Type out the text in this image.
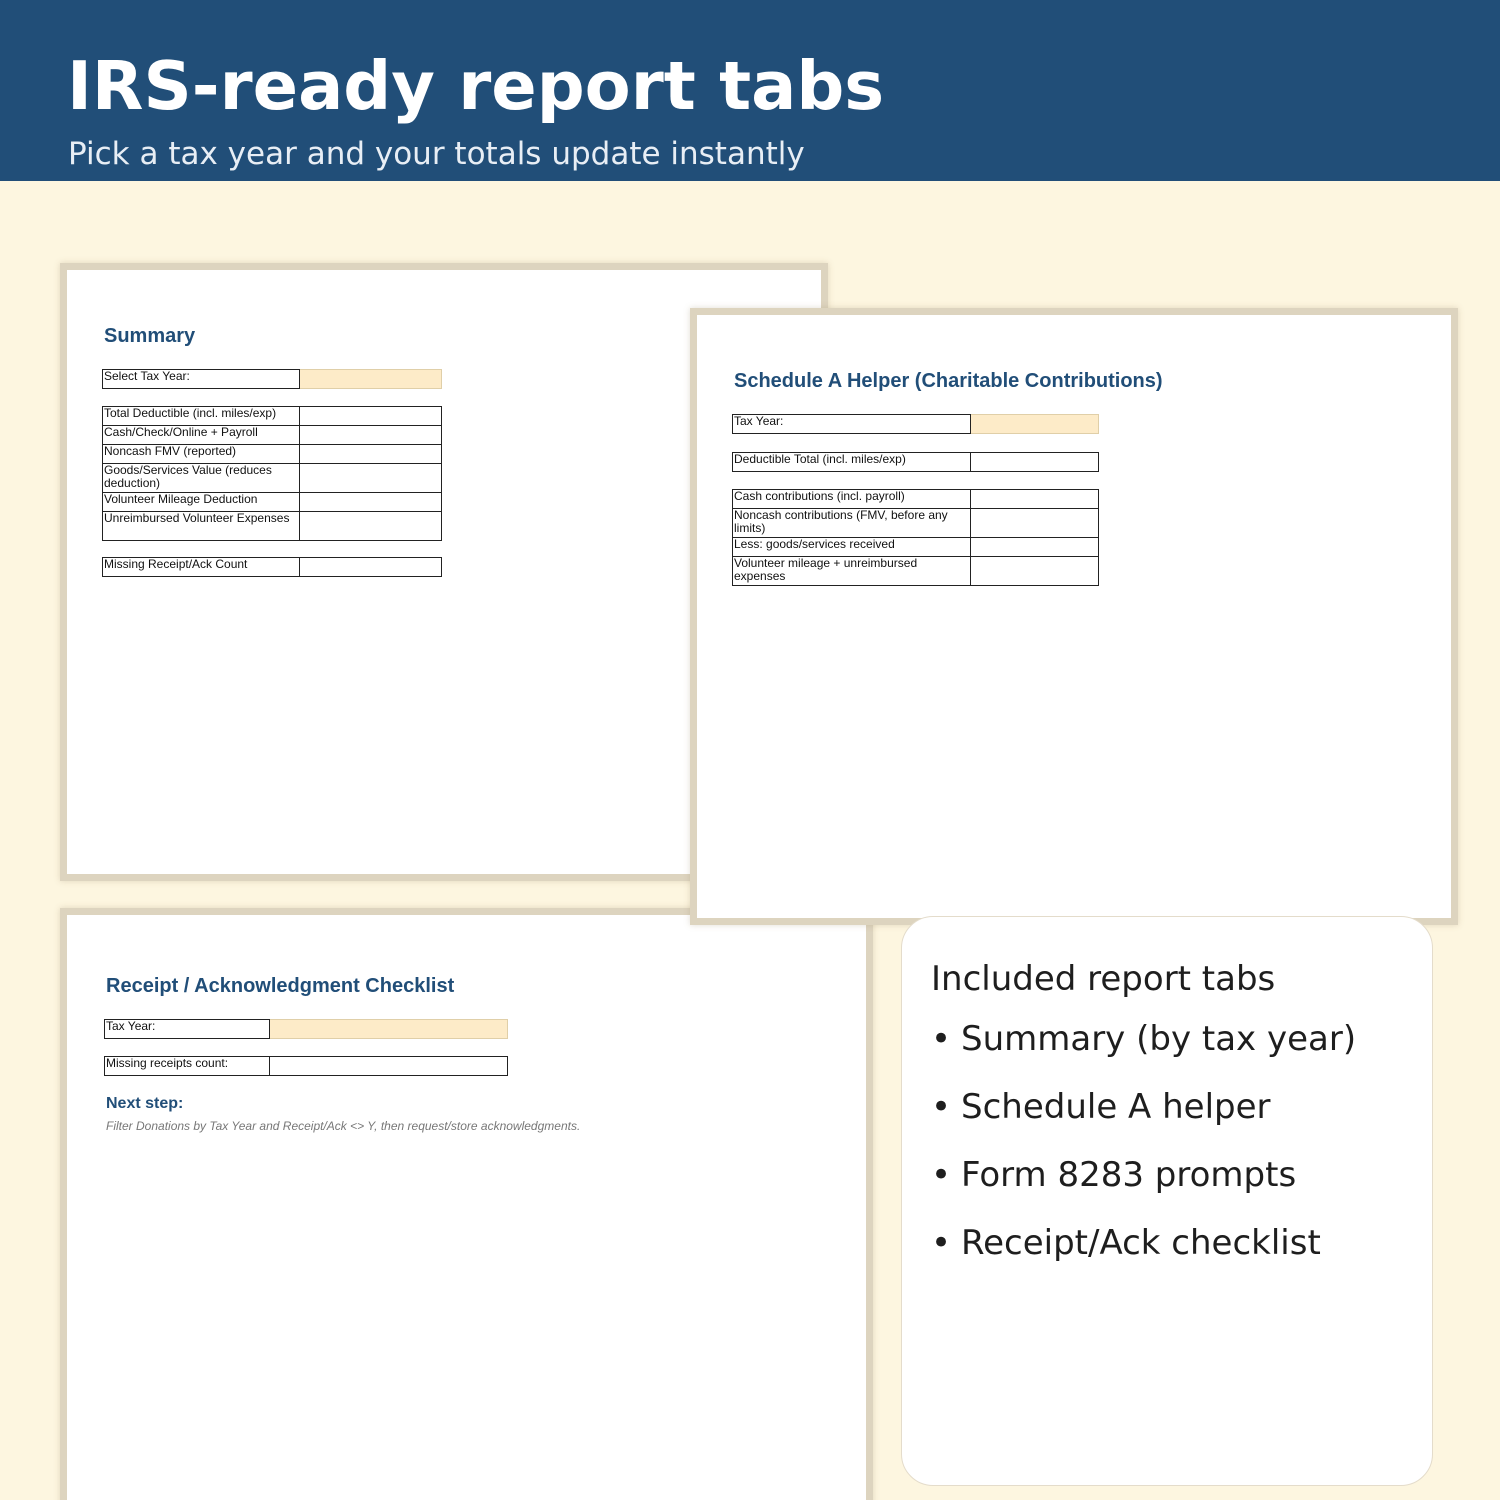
IRS-ready report tabs
Pick a tax year and your totals update instantly
Summary
Select Tax Year:	
Total Deductible (incl. miles/exp)	
Cash/Check/Online + Payroll	
Noncash FMV (reported)	
Goods/Services Value (reduces deduction)	
Volunteer Mileage Deduction	
Unreimbursed Volunteer Expenses	
Missing Receipt/Ack Count	
Schedule A Helper (Charitable Contributions)
Tax Year:	
Deductible Total (incl. miles/exp)	
Cash contributions (incl. payroll)	
Noncash contributions (FMV, before any limits)	
Less: goods/services received	
Volunteer mileage + unreimbursed expenses	
Receipt / Acknowledgment Checklist
Tax Year:	
Missing receipts count:	
Next step:
Filter Donations by Tax Year and Receipt/Ack <> Y, then request/store acknowledgments.
Included report tabs
• Summary (by tax year)
• Schedule A helper
• Form 8283 prompts
• Receipt/Ack checklist
